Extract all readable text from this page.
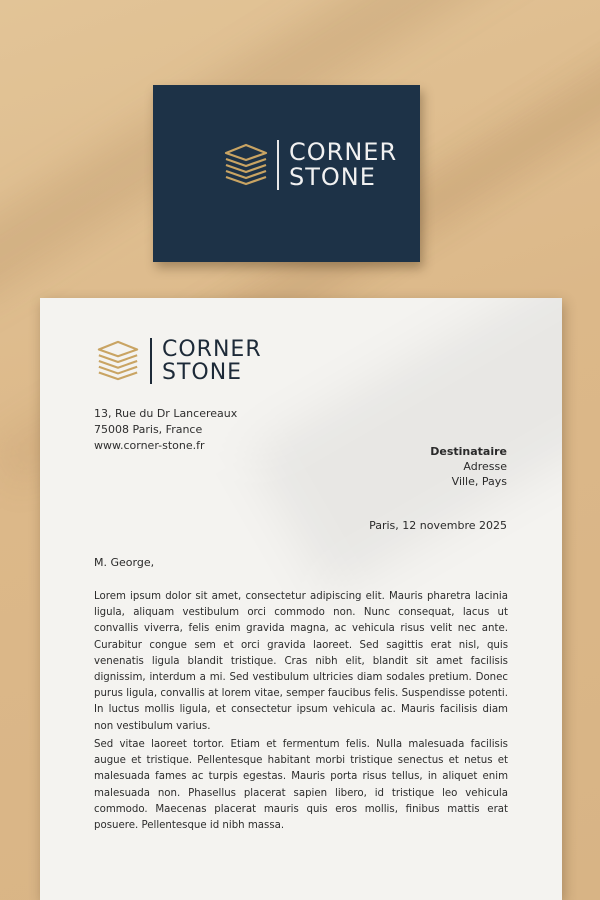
CORNER
STONE
CORNER
STONE
13, Rue du Dr Lancereaux
75008 Paris, France
www.corner-stone.fr	Destinataire
Adresse
Ville, Pays
Paris, 12 novembre 2025
M. George,

Lorem ipsum dolor sit amet, consectetur adipiscing elit. Mauris pharetra lacinia ligula, aliquam vestibulum orci commodo non. Nunc consequat, lacus ut convallis viverra, felis enim gravida magna, ac vehicula risus velit nec ante. Curabitur congue sem et orci gravida laoreet. Sed sagittis erat nisl, quis venenatis ligula blandit tristique. Cras nibh elit, blandit sit amet facilisis dignissim, interdum a mi. Sed vestibulum ultricies diam sodales pretium. Donec purus ligula, convallis at lorem vitae, semper faucibus felis. Suspendisse potenti. In luctus mollis ligula, et consectetur ipsum vehicula ac. Mauris facilisis diam non vestibulum varius.

Sed vitae laoreet tortor. Etiam et fermentum felis. Nulla malesuada facilisis augue et tristique. Pellentesque habitant morbi tristique senectus et netus et malesuada fames ac turpis egestas. Mauris porta risus tellus, in aliquet enim malesuada non. Phasellus placerat sapien libero, id tristique leo vehicula commodo. Maecenas placerat mauris quis eros mollis, finibus mattis erat posuere. Pellentesque id nibh massa.
